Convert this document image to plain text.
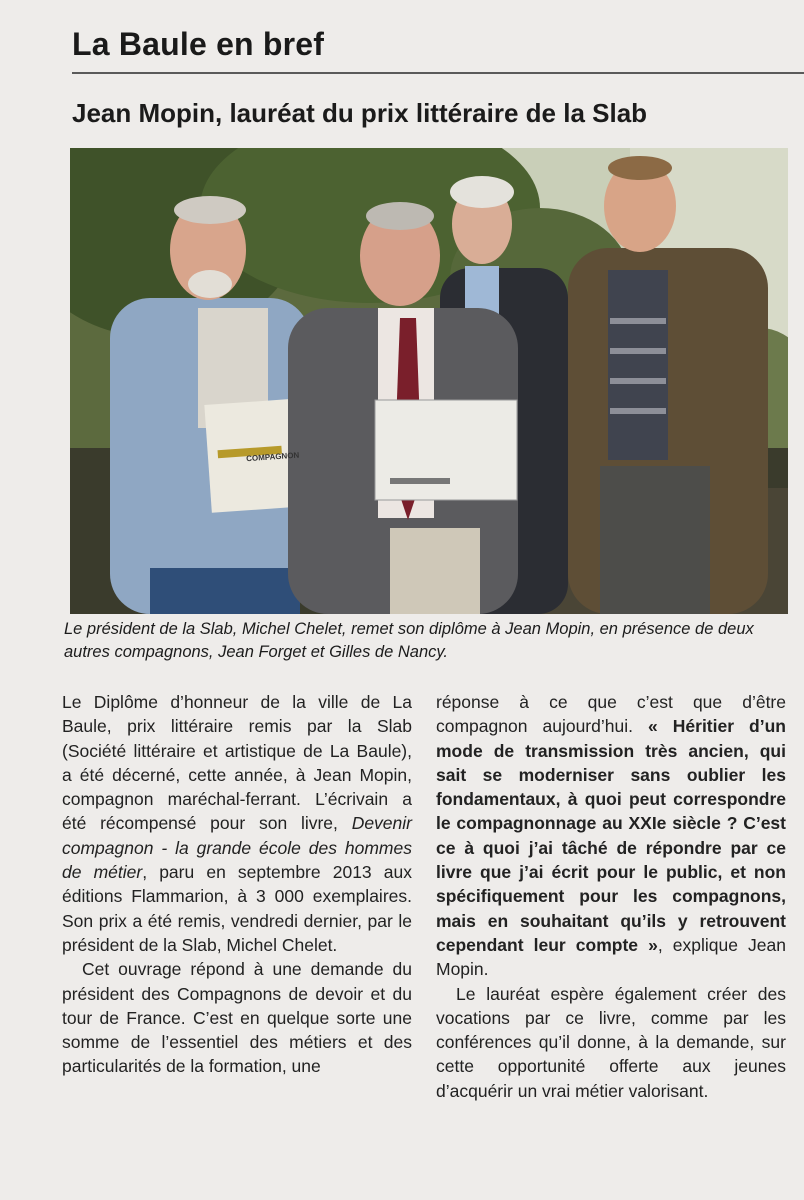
La Baule en bref
Jean Mopin, lauréat du prix littéraire de la Slab
COMPAGNON
Le président de la Slab, Michel Chelet, remet son diplôme à Jean Mopin, en présence de deux autres compagnons, Jean Forget et Gilles de Nancy.

Le Diplôme d’honneur de la ville de La Baule, prix littéraire remis par la Slab (Société littéraire et artistique de La Baule), a été décerné, cette année, à Jean Mopin, compagnon maréchal-ferrant. L’écrivain a été récompensé pour son livre, Devenir compagnon - la grande école des hommes de métier, paru en septembre 2013 aux éditions Flammarion, à 3 000 exemplaires. Son prix a été remis, vendredi dernier, par le président de la Slab, Michel Chelet.

Cet ouvrage répond à une demande du président des Compagnons de devoir et du tour de France. C’est en quelque sorte une somme de l’essentiel des métiers et des particularités de la formation, une

réponse à ce que c’est que d’être compagnon aujourd’hui. « Héritier d’un mode de transmission très ancien, qui sait se moderniser sans oublier les fondamentaux, à quoi peut correspondre le compagnonnage au XXIe siècle ? C’est ce à quoi j’ai tâché de répondre par ce livre que j’ai écrit pour le public, et non spécifiquement pour les compagnons, mais en souhaitant qu’ils y retrouvent cependant leur compte », explique Jean Mopin.

Le lauréat espère également créer des vocations par ce livre, comme par les conférences qu’il donne, à la demande, sur cette opportunité offerte aux jeunes d’acquérir un vrai métier valorisant.
